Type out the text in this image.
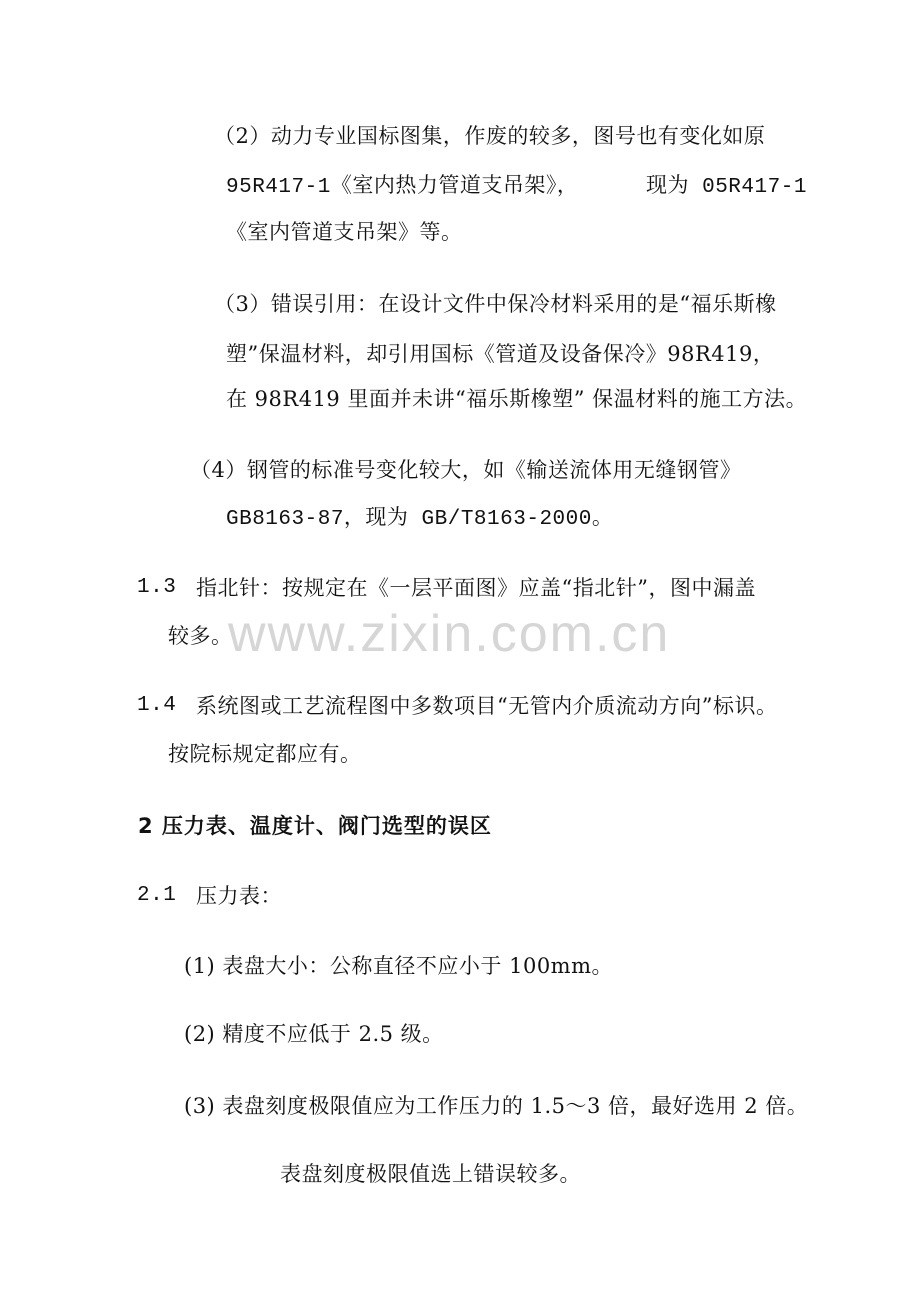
www.zixin.com.cn
（2）动力专业国标图集，作废的较多，图号也有变化如原
95R417-1《室内热力管道支吊架》，	现为 05R417-1
《室内管道支吊架》等。
（3）错误引用：在设计文件中保冷材料采用的是“福乐斯橡
塑”保温材料，却引用国标《管道及设备保冷》98R419，
在 98R419 里面并未讲“福乐斯橡塑” 保温材料的施工方法。
（4）钢管的标准号变化较大，如《输送流体用无缝钢管》
GB8163-87，现为 GB/T8163-2000。
1.3 指北针：按规定在《一层平面图》应盖“指北针”，图中漏盖
较多。
1.4 系统图或工艺流程图中多数项目“无管内介质流动方向”标识。
按院标规定都应有。
2 压力表、温度计、阀门选型的误区
2.1 压力表：
(1) 表盘大小：公称直径不应小于 100mm。
(2) 精度不应低于 2.5 级。
(3) 表盘刻度极限值应为工作压力的 1.5～3 倍，最好选用 2 倍。
表盘刻度极限值选上错误较多。
